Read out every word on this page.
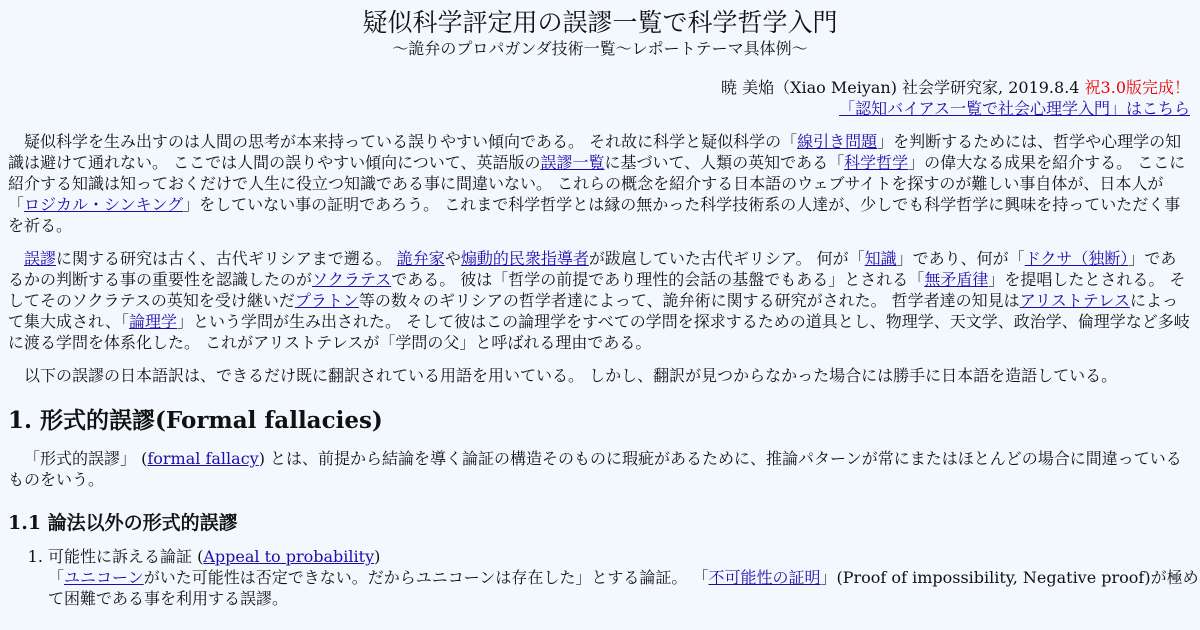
疑似科学評定用の誤謬一覧で科学哲学入門
〜詭弁のプロパガンダ技術一覧〜レポートテーマ具体例〜
暁 美焔（Xiao Meiyan) 社会学研究家, 2019.8.4 祝3.0版完成！
「認知バイアス一覧で社会心理学入門」はこちら

疑似科学を生み出すのは人間の思考が本来持っている誤りやすい傾向である。 それ故に科学と疑似科学の「線引き問題」を判断するためには、哲学や心理学の知識は避けて通れない。 ここでは人間の誤りやすい傾向について、英語版の誤謬一覧に基づいて、人類の英知である「科学哲学」の偉大なる成果を紹介する。 ここに紹介する知識は知っておくだけで人生に役立つ知識である事に間違いない。 これらの概念を紹介する日本語のウェブサイトを探すのが難しい事自体が、日本人が「ロジカル・シンキング」をしていない事の証明であろう。 これまで科学哲学とは縁の無かった科学技術系の人達が、少しでも科学哲学に興味を持っていただく事を祈る。

誤謬に関する研究は古く、古代ギリシアまで遡る。 詭弁家や煽動的民衆指導者が跋扈していた古代ギリシア。 何が「知識」であり、何が「ドクサ（独断）」であるかの判断する事の重要性を認識したのがソクラテスである。 彼は「哲学の前提であり理性的会話の基盤でもある」とされる「無矛盾律」を提唱したとされる。 そしてそのソクラテスの英知を受け継いだプラトン等の数々のギリシアの哲学者達によって、詭弁術に関する研究がされた。 哲学者達の知見はアリストテレスによって集大成され、「論理学」という学問が生み出された。 そして彼はこの論理学をすべての学問を探求するための道具とし、物理学、天文学、政治学、倫理学など多岐に渡る学問を体系化した。 これがアリストテレスが「学問の父」と呼ばれる理由である。

以下の誤謬の日本語訳は、できるだけ既に翻訳されている用語を用いている。 しかし、翻訳が見つからなかった場合には勝手に日本語を造語している。

1. 形式的誤謬(Formal fallacies)

「形式的誤謬」 (formal fallacy) とは、前提から結論を導く論証の構造そのものに瑕疵があるために、推論パターンが常にまたはほとんどの場合に間違っているものをいう。

1.1 論法以外の形式的誤謬
1. 可能性に訴える論証 (Appeal to probability)
「ユニコーンがいた可能性は否定できない。だからユニコーンは存在した」とする論証。 「不可能性の証明」(Proof of impossibility, Negative proof)が極めて困難である事を利用する誤謬。
